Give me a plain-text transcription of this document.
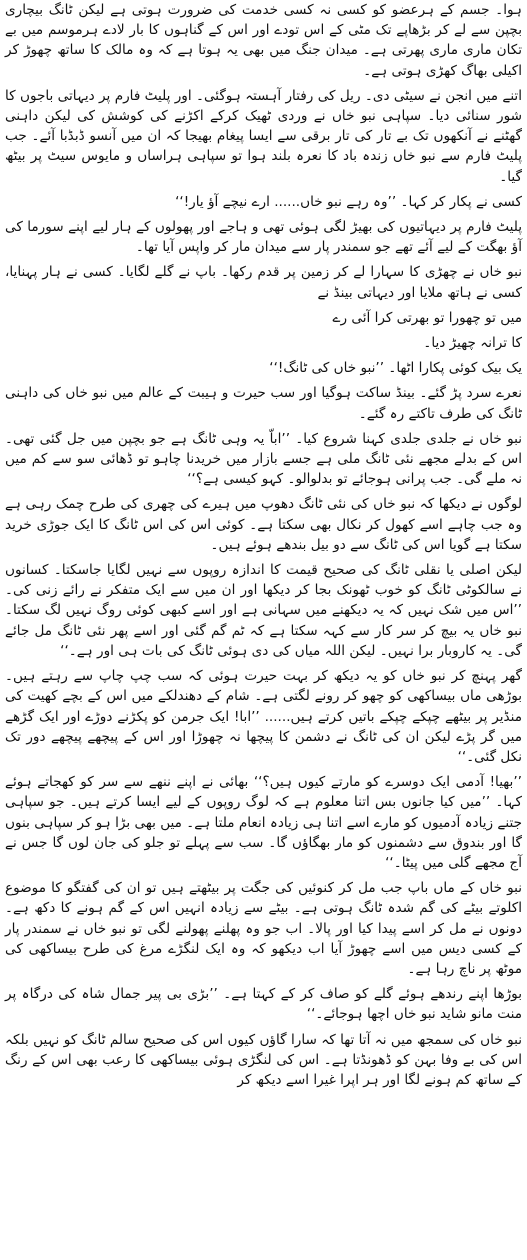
ہوا۔ جسم کے ہرعضو کو کسی نہ کسی خدمت کی ضرورت ہوتی ہے لیکن ٹانگ بیچاری بچپن سے لے کر بڑھاپے تک مٹی کے اس تودے اور اس کے گناہوں کا بار لادے ہرموسم میں بے تکان ماری ماری پھرتی ہے۔ میدان جنگ میں بھی یہ ہوتا ہے کہ وہ مالک کا ساتھ چھوڑ کر اکیلی بھاگ کھڑی ہوتی ہے۔

اتنے میں انجن نے سیٹی دی۔ ریل کی رفتار آہستہ ہوگئی۔ اور پلیٹ فارم پر دیہاتی باجوں کا شور سنائی دیا۔ سپاہی نبو خاں نے وردی ٹھیک کرکے اکڑنے کی کوشش کی لیکن داہنی گھٹنے نے آنکھوں تک بے تار کی تار برقی سے ایسا پیغام بھیجا کہ ان میں آنسو ڈبڈبا آئے۔ جب پلیٹ فارم سے نبو خاں زندہ باد کا نعرہ بلند ہوا تو سپاہی ہراساں و مایوس سیٹ پر بیٹھ گیا۔

کسی نے پکار کر کہا۔ ’’وہ رہے نبو خاں...... ارے نیچے آؤ یار!‘‘

پلیٹ فارم پر دیہاتیوں کی بھیڑ لگی ہوئی تھی و ہاجے اور پھولوں کے ہار لیے اپنے سورما کی آؤ بھگت کے لیے آئے تھے جو سمندر پار سے میدان مار کر واپس آیا تھا۔

نبو خاں نے چھڑی کا سہارا لے کر زمین پر قدم رکھا۔ باپ نے گلے لگایا۔ کسی نے ہار پہنایا، کسی نے ہاتھ ملایا اور دیہاتی بینڈ نے

میں تو چھورا تو بھرتی کرا آئی رے

کا ترانہ چھیڑ دیا۔

یک بیک کوئی پکارا اٹھا۔ ’’نبو خاں کی ٹانگ!‘‘

نعرے سرد پڑ گئے۔ بینڈ ساکت ہوگیا اور سب حیرت و ہیبت کے عالم میں نبو خاں کی داہنی ٹانگ کی طرف تاکتے رہ گئے۔

نبو خاں نے جلدی جلدی کہنا شروع کیا۔ ’’اباّ یہ وہی ٹانگ ہے جو بچپن میں جل گئی تھی۔ اس کے بدلے مجھے نئی ٹانگ ملی ہے جسے بازار میں خریدنا چاہو تو ڈھائی سو سے کم میں نہ ملے گی۔ جب پرانی ہوجائے تو بدلوالو۔ کہو کیسی ہے؟‘‘

لوگوں نے دیکھا کہ نبو خاں کی نئی ٹانگ دھوپ میں ہیرے کی چھری کی طرح چمک رہی ہے وہ جب چاہے اسے کھول کر نکال بھی سکتا ہے۔ کوئی اس کی اس ٹانگ کا ایک جوڑی خرید سکتا ہے گویا اس کی ٹانگ سے دو بیل بندھے ہوئے ہیں۔

لیکن اصلی یا نقلی ٹانگ کی صحیح قیمت کا اندازہ روپوں سے نہیں لگایا جاسکتا۔ کسانوں نے سالکوٹی ٹانگ کو خوب ٹھونک بجا کر دیکھا اور ان میں سے ایک متفکر نے رائے زنی کی۔ ’’اس میں شک نہیں کہ یہ دیکھنے میں سہانی ہے اور اسے کبھی کوئی روگ نہیں لگ سکتا۔ نبو خاں یہ بیچ کر سر کار سے کہہ سکتا ہے کہ ٹم گم گئی اور اسے پھر نئی ٹانگ مل جائے گی۔ یہ کاروبار برا نہیں۔ لیکن اللہ میاں کی دی ہوئی ٹانگ کی بات ہی اور ہے۔‘‘

گھر پہنچ کر نبو خاں کو یہ دیکھ کر بہت حیرت ہوئی کہ سب چپ چاپ سے رہتے ہیں۔ بوڑھی ماں بیساکھی کو چھو کر رونے لگتی ہے۔ شام کے دھندلکے میں اس کے بچے کھیت کی منڈیر پر بیٹھے چپکے چپکے باتیں کرتے ہیں...... ’’ابا! ایک جرمن کو پکڑنے دوڑے اور ایک گڑھے میں گر پڑے لیکن ان کی ٹانگ نے دشمن کا پیچھا نہ چھوڑا اور اس کے پیچھے پیچھے دور تک نکل گئی۔‘‘

’’بھیا! آدمی ایک دوسرے کو مارتے کیوں ہیں؟‘‘ بھائی نے اپنے ننھے سے سر کو کھجاتے ہوئے کہا۔ ’’میں کیا جانوں بس اتنا معلوم ہے کہ لوگ روپوں کے لیے ایسا کرتے ہیں۔ جو سپاہی جتنے زیادہ آدمیوں کو مارے اسے اتنا ہی زیادہ انعام ملتا ہے۔ میں بھی بڑا ہو کر سپاہی بنوں گا اور بندوق سے دشمنوں کو مار بھگاؤں گا۔ سب سے پہلے تو جلو کی جان لوں گا جس نے آج مجھے گلی میں پیٹا۔‘‘

نبو خاں کے ماں باپ جب مل کر کنوئیں کی جگت پر بیٹھتے ہیں تو ان کی گفتگو کا موضوع اکلوتے بیٹے کی گم شدہ ٹانگ ہوتی ہے۔ بیٹے سے زیادہ انہیں اس کے گم ہونے کا دکھ ہے۔ دونوں نے مل کر اسے پیدا کیا اور پالا۔ اب جو وہ پھلنے پھولنے لگی تو نبو خاں نے سمندر پار کے کسی دیس میں اسے چھوڑ آیا اب دیکھو کہ وہ ایک لنگڑے مرغ کی طرح بیساکھی کی موٹھ پر ناچ رہا ہے۔

بوڑھا اپنے رندھے ہوئے گلے کو صاف کر کے کہتا ہے۔ ’’بڑی بی پیر جمال شاہ کی درگاہ پر منت مانو شاید نبو خاں اچھا ہوجائے۔‘‘

نبو خاں کی سمجھ میں نہ آتا تھا کہ سارا گاؤں کیوں اس کی صحیح سالم ٹانگ کو نہیں بلکہ اس کی بے وفا بہن کو ڈھونڈتا ہے۔ اس کی لنگڑی ہوئی بیساکھی کا رعب بھی اس کے رنگ کے ساتھ کم ہونے لگا اور ہر اپرا غیرا اسے دیکھ کر
